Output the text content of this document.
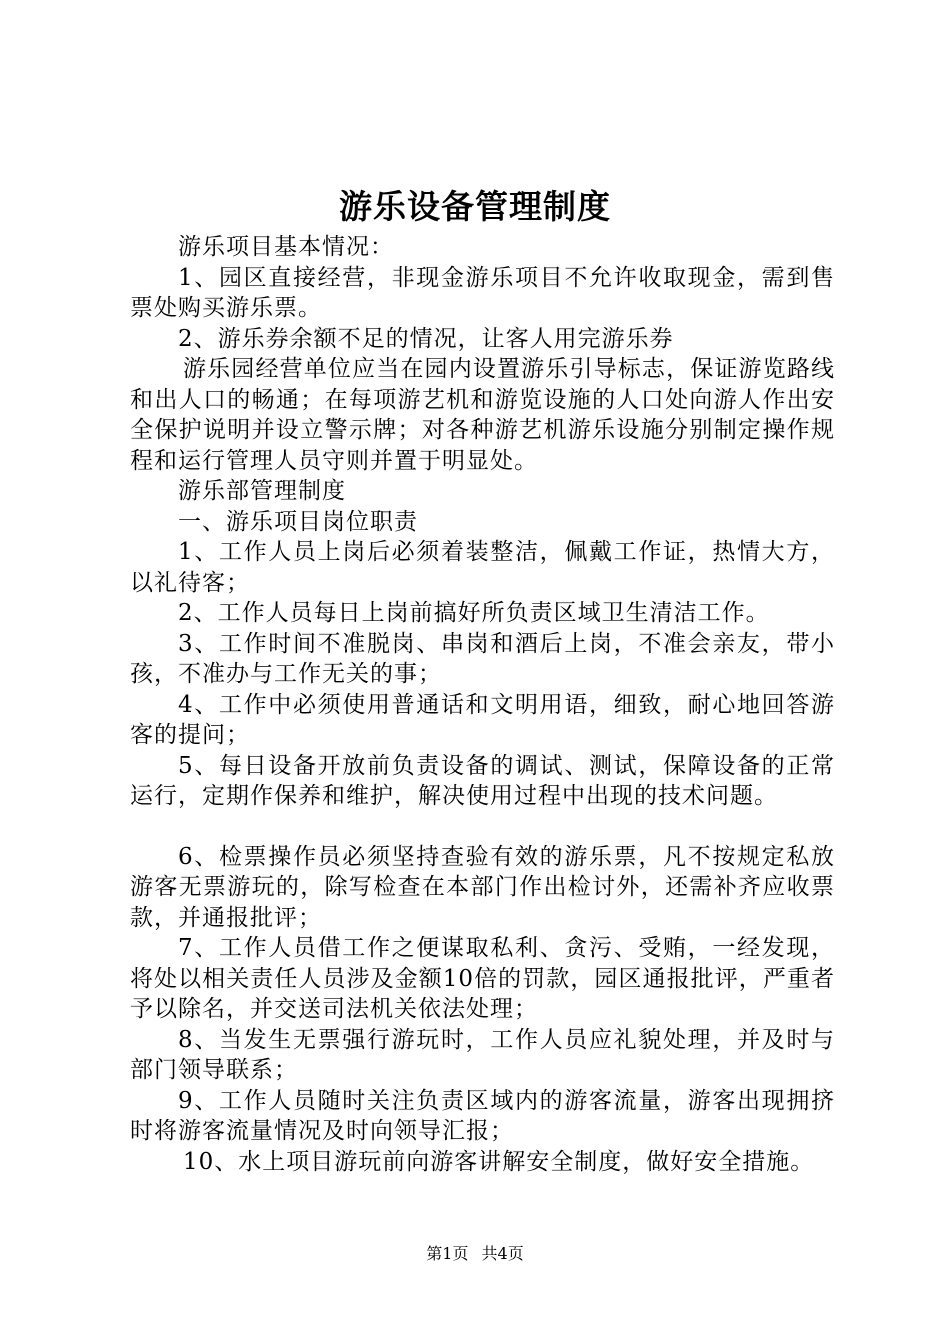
游乐设备管理制度

游乐项目基本情况：

1、园区直接经营，非现金游乐项目不允许收取现金，需到售票处购买游乐票。

2、游乐券余额不足的情况，让客人用完游乐券

游乐园经营单位应当在园内设置游乐引导标志，保证游览路线和出人口的畅通；在每项游艺机和游览设施的人口处向游人作出安全保护说明并设立警示牌；对各种游艺机游乐设施分别制定操作规程和运行管理人员守则并置于明显处。

游乐部管理制度

一、游乐项目岗位职责

1、工作人员上岗后必须着装整洁，佩戴工作证，热情大方，以礼待客；

2、工作人员每日上岗前搞好所负责区域卫生清洁工作。

3、工作时间不准脱岗、串岗和酒后上岗，不准会亲友，带小孩，不准办与工作无关的事；

4、工作中必须使用普通话和文明用语，细致，耐心地回答游客的提问；

5、每日设备开放前负责设备的调试、测试，保障设备的正常运行，定期作保养和维护，解决使用过程中出现的技术问题。

6、检票操作员必须坚持查验有效的游乐票，凡不按规定私放游客无票游玩的，除写检查在本部门作出检讨外，还需补齐应收票款，并通报批评；

7、工作人员借工作之便谋取私利、贪污、受贿，一经发现，将处以相关责任人员涉及金额10倍的罚款，园区通报批评，严重者予以除名，并交送司法机关依法处理；

8、当发生无票强行游玩时，工作人员应礼貌处理，并及时与部门领导联系；

9、工作人员随时关注负责区域内的游客流量，游客出现拥挤时将游客流量情况及时向领导汇报；

10、水上项目游玩前向游客讲解安全制度，做好安全措施。

第1页 共4页
